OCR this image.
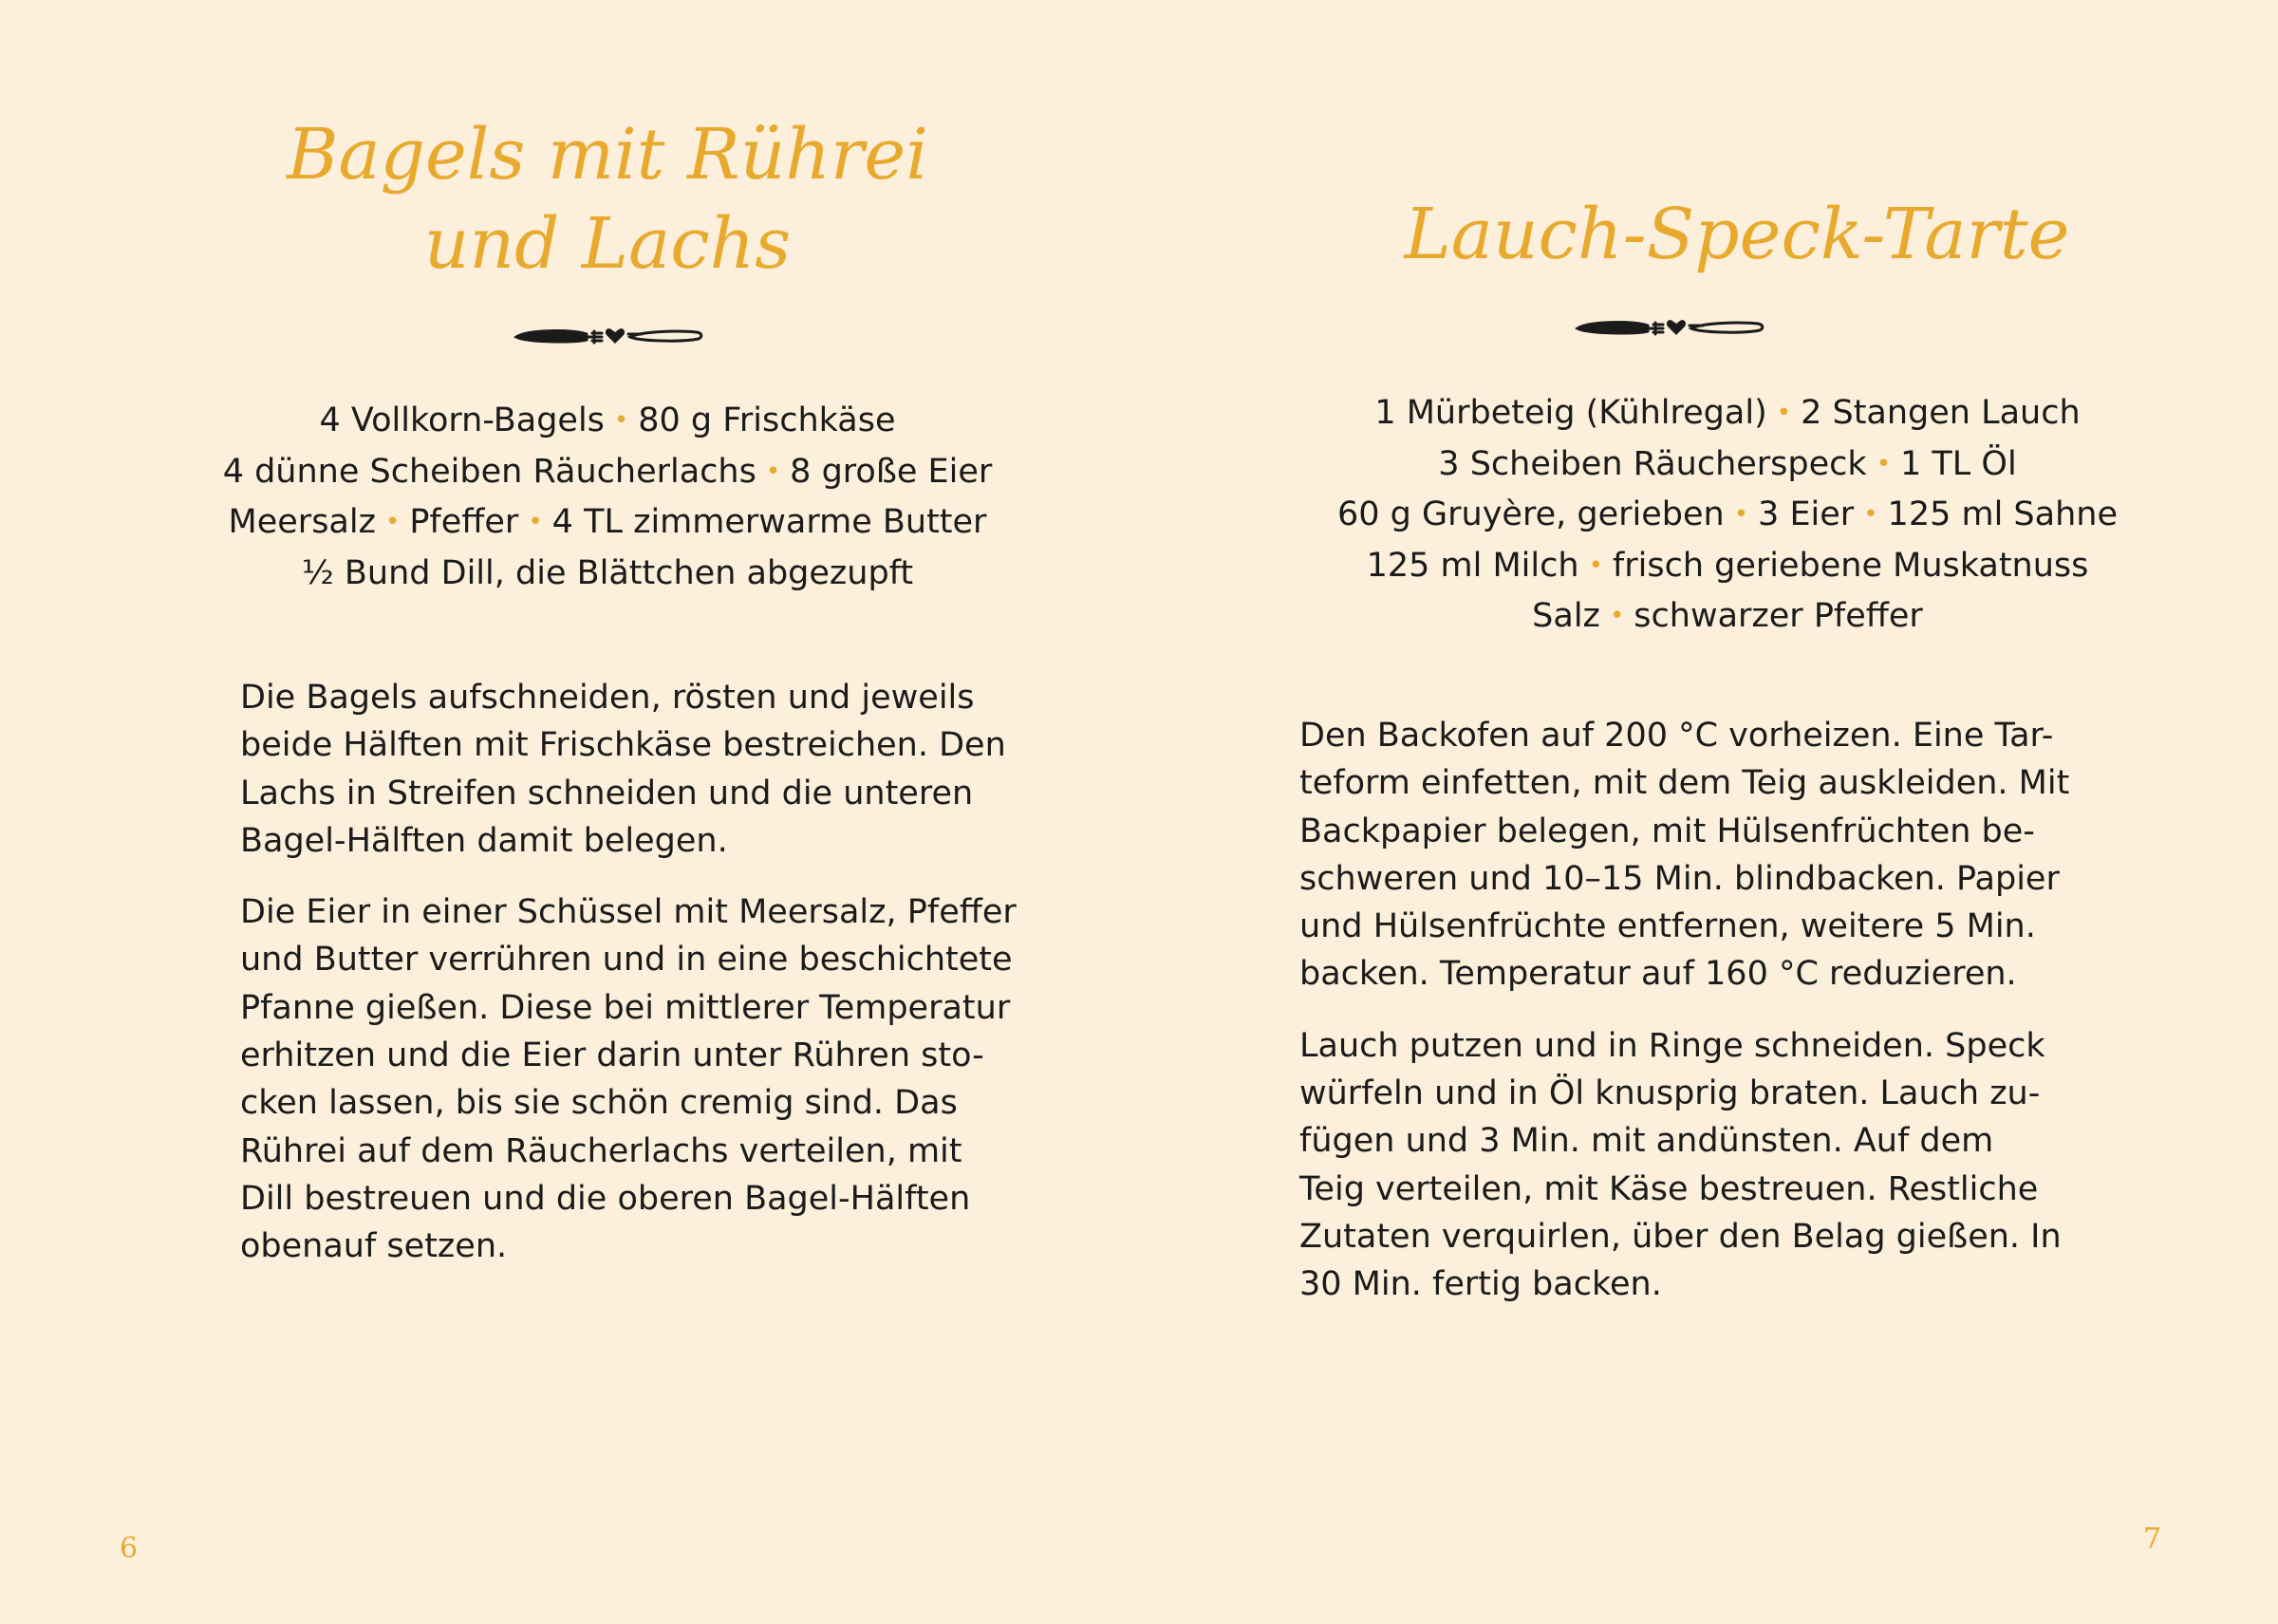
Bagels mit Rührei
und Lachs
4 Vollkorn-Bagels • 80 g Frischkäse
4 dünne Scheiben Räucherlachs • 8 große Eier
Meersalz • Pfeffer • 4 TL zimmerwarme Butter
½ Bund Dill, die Blättchen abgezupft

Die Bagels aufschneiden, rösten und jeweils
beide Hälften mit Frischkäse bestreichen. Den
Lachs in Streifen schneiden und die unteren
Bagel-Hälften damit belegen.

Die Eier in einer Schüssel mit Meersalz, Pfeffer
und Butter verrühren und in eine beschichtete
Pfanne gießen. Diese bei mittlerer Temperatur
erhitzen und die Eier darin unter Rühren sto-
cken lassen, bis sie schön cremig sind. Das
Rührei auf dem Räucherlachs verteilen, mit
Dill bestreuen und die oberen Bagel-Hälften
obenauf setzen.

6
Lauch-Speck-Tarte
1 Mürbeteig (Kühlregal) • 2 Stangen Lauch
3 Scheiben Räucherspeck • 1 TL Öl
60 g Gruyère, gerieben • 3 Eier • 125 ml Sahne
125 ml Milch • frisch geriebene Muskatnuss
Salz • schwarzer Pfeffer

Den Backofen auf 200 °C vorheizen. Eine Tar-
teform einfetten, mit dem Teig auskleiden. Mit
Backpapier belegen, mit Hülsenfrüchten be-
schweren und 10–15 Min. blindbacken. Papier
und Hülsenfrüchte entfernen, weitere 5 Min.
backen. Temperatur auf 160 °C reduzieren.

Lauch putzen und in Ringe schneiden. Speck
würfeln und in Öl knusprig braten. Lauch zu-
fügen und 3 Min. mit andünsten. Auf dem
Teig verteilen, mit Käse bestreuen. Restliche
Zutaten verquirlen, über den Belag gießen. In
30 Min. fertig backen.

7
